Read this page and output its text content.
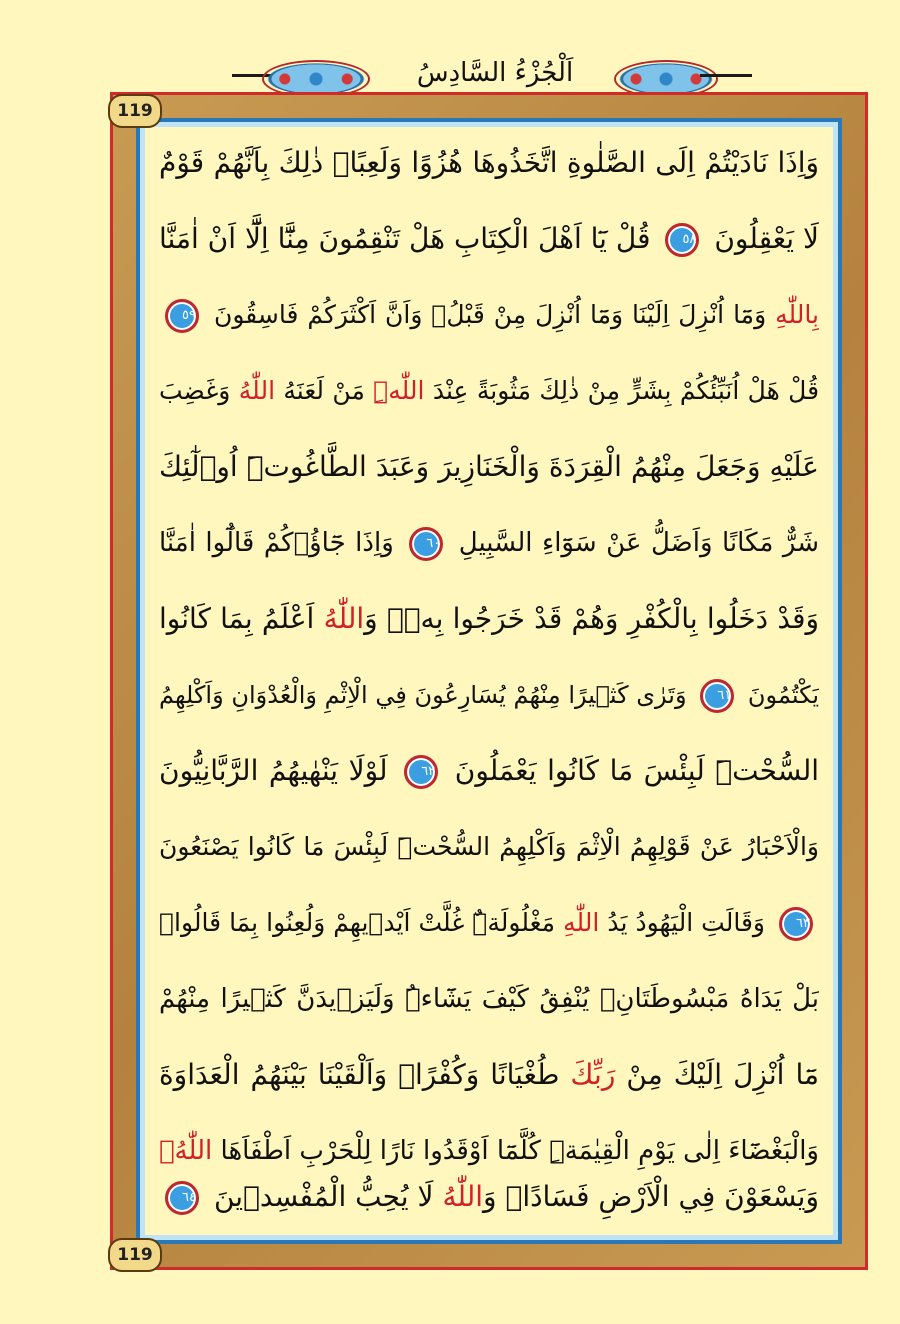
اَلْجُزْءُ السَّادِسُ
وَاِذَا نَادَيْتُمْ اِلَى الصَّلٰوةِ اتَّخَذُوهَا هُزُوًا وَلَعِبًاۜ ذٰلِكَ بِاَنَّهُمْ قَوْمٌ
لَا يَعْقِلُونَ ٥٨ قُلْ يَٓا اَهْلَ الْكِتَابِ هَلْ تَنْقِمُونَ مِنَّٓا اِلَّٓا اَنْ اٰمَنَّا
بِاللّٰهِ وَمَٓا اُنْزِلَ اِلَيْنَا وَمَٓا اُنْزِلَ مِنْ قَبْلُۙ وَاَنَّ اَكْثَرَكُمْ فَاسِقُونَ ٥٩
قُلْ هَلْ اُنَبِّئُكُمْ بِشَرٍّ مِنْ ذٰلِكَ مَثُوبَةً عِنْدَ اللّٰهِۜ مَنْ لَعَنَهُ اللّٰهُ وَغَضِبَ
عَلَيْهِ وَجَعَلَ مِنْهُمُ الْقِرَدَةَ وَالْخَنَازِيرَ وَعَبَدَ الطَّاغُوتَۜ اُو۬لٰٓئِكَ
شَرٌّ مَكَانًا وَاَضَلُّ عَنْ سَوَٓاءِ السَّبِيلِ ٦٠ وَاِذَا جَٓاؤُ۫كُمْ قَالُٓوا اٰمَنَّا
وَقَدْ دَخَلُوا بِالْكُفْرِ وَهُمْ قَدْ خَرَجُوا بِهٖۜ وَاللّٰهُ اَعْلَمُ بِمَا كَانُوا
يَكْتُمُونَ ٦١ وَتَرٰى كَث۪يرًا مِنْهُمْ يُسَارِعُونَ فِي الْاِثْمِ وَالْعُدْوَانِ وَاَكْلِهِمُ
السُّحْتَۜ لَبِئْسَ مَا كَانُوا يَعْمَلُونَ ٦٢ لَوْلَا يَنْهٰيهُمُ الرَّبَّانِيُّونَ
وَالْاَحْبَارُ عَنْ قَوْلِهِمُ الْاِثْمَ وَاَكْلِهِمُ السُّحْتَۜ لَبِئْسَ مَا كَانُوا يَصْنَعُونَ
٦٣ وَقَالَتِ الْيَهُودُ يَدُ اللّٰهِ مَغْلُولَةٌۜ غُلَّتْ اَيْد۪يهِمْ وَلُعِنُوا بِمَا قَالُواۢ
بَلْ يَدَاهُ مَبْسُوطَتَانِۙ يُنْفِقُ كَيْفَ يَشَٓاءُۜ وَلَيَز۪يدَنَّ كَث۪يرًا مِنْهُمْ
مَٓا اُنْزِلَ اِلَيْكَ مِنْ رَبِّكَ طُغْيَانًا وَكُفْرًاۜ وَاَلْقَيْنَا بَيْنَهُمُ الْعَدَاوَةَ
وَالْبَغْضَٓاءَ اِلٰى يَوْمِ الْقِيٰمَةِۜ كُلَّمَٓا اَوْقَدُوا نَارًا لِلْحَرْبِ اَطْفَاَهَا اللّٰهُۙ
وَيَسْعَوْنَ فِي الْاَرْضِ فَسَادًاۜ وَاللّٰهُ لَا يُحِبُّ الْمُفْسِد۪ينَ ٦٤
119
119
